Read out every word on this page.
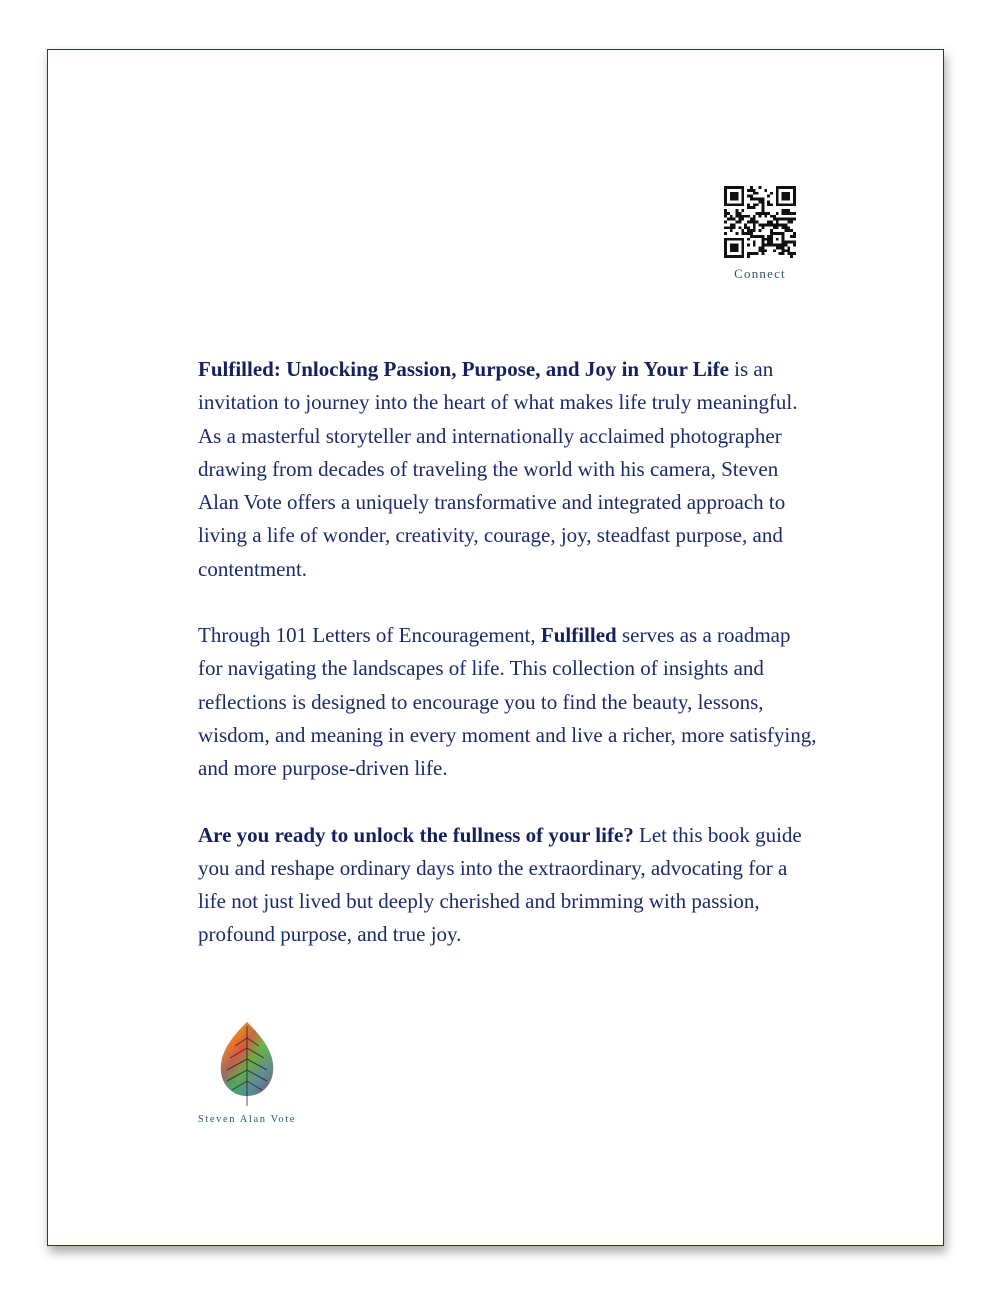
Connect

Fulfilled: Unlocking Passion, Purpose, and Joy in Your Life is an invitation to journey into the heart of what makes life truly meaningful. As a masterful storyteller and internationally acclaimed photographer drawing from decades of traveling the world with his camera, Steven Alan Vote offers a uniquely transformative and integrated approach to living a life of wonder, creativity, courage, joy, steadfast purpose, and contentment.

Through 101 Letters of Encouragement, Fulfilled serves as a roadmap for navigating the landscapes of life. This collection of insights and reflections is designed to encourage you to find the beauty, lessons, wisdom, and meaning in every moment and live a richer, more satisfying, and more purpose-driven life.

Are you ready to unlock the fullness of your life? Let this book guide you and reshape ordinary days into the extraordinary, advocating for a life not just lived but deeply cherished and brimming with passion, profound purpose, and true joy.

Steven Alan Vote
